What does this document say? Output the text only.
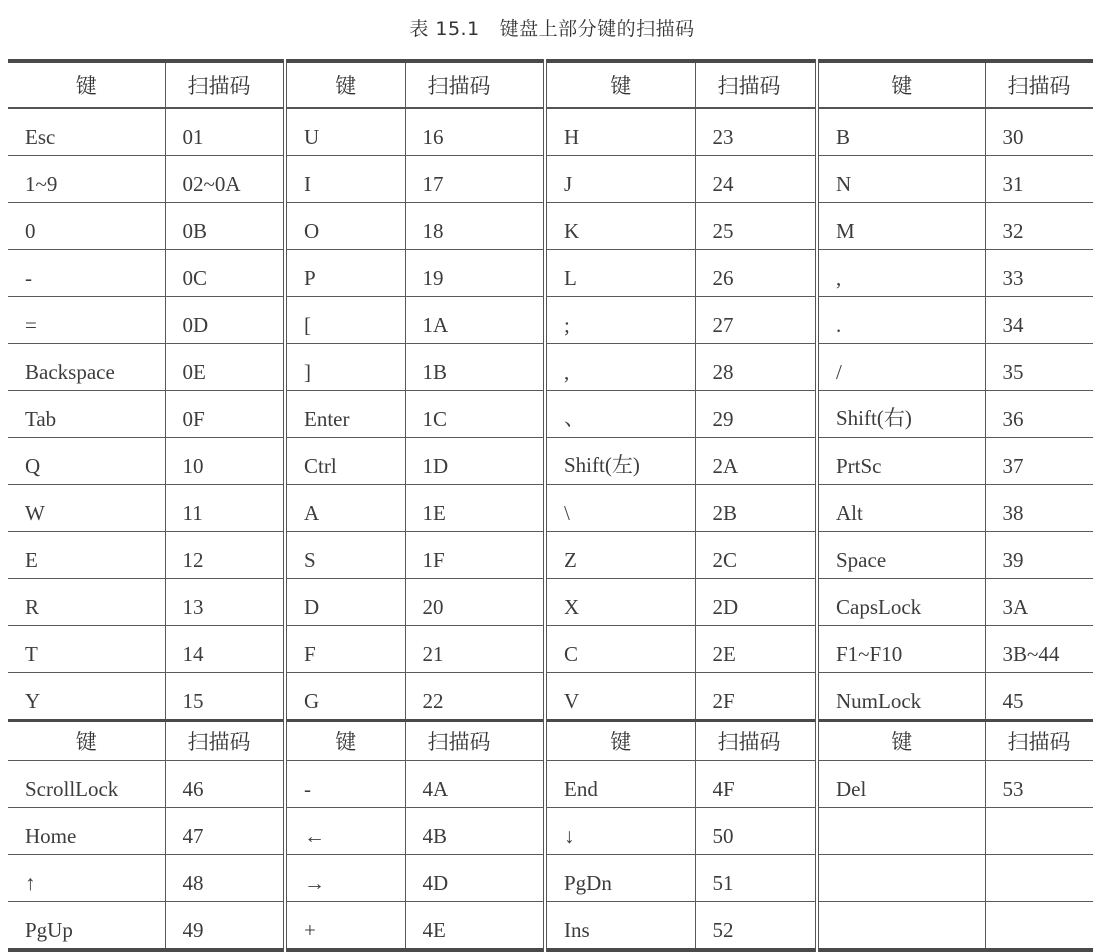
表 15.1 键盘上部分键的扫描码
键	扫描码	键	扫描码	键	扫描码	键	扫描码
Esc	01	U	16	H	23	B	30
1~9	02~0A	I	17	J	24	N	31
0	0B	O	18	K	25	M	32
-	0C	P	19	L	26	,	33
=	0D	[	1A	;	27	.	34
Backspace	0E	]	1B	,	28	/	35
Tab	0F	Enter	1C	、	29	Shift(右)	36
Q	10	Ctrl	1D	Shift(左)	2A	PrtSc	37
W	11	A	1E	\	2B	Alt	38
E	12	S	1F	Z	2C	Space	39
R	13	D	20	X	2D	CapsLock	3A
T	14	F	21	C	2E	F1~F10	3B~44
Y	15	G	22	V	2F	NumLock	45
键	扫描码	键	扫描码	键	扫描码	键	扫描码
ScrollLock	46	-	4A	End	4F	Del	53
Home	47	←	4B	↓	50		
↑	48	→	4D	PgDn	51		
PgUp	49	+	4E	Ins	52		
